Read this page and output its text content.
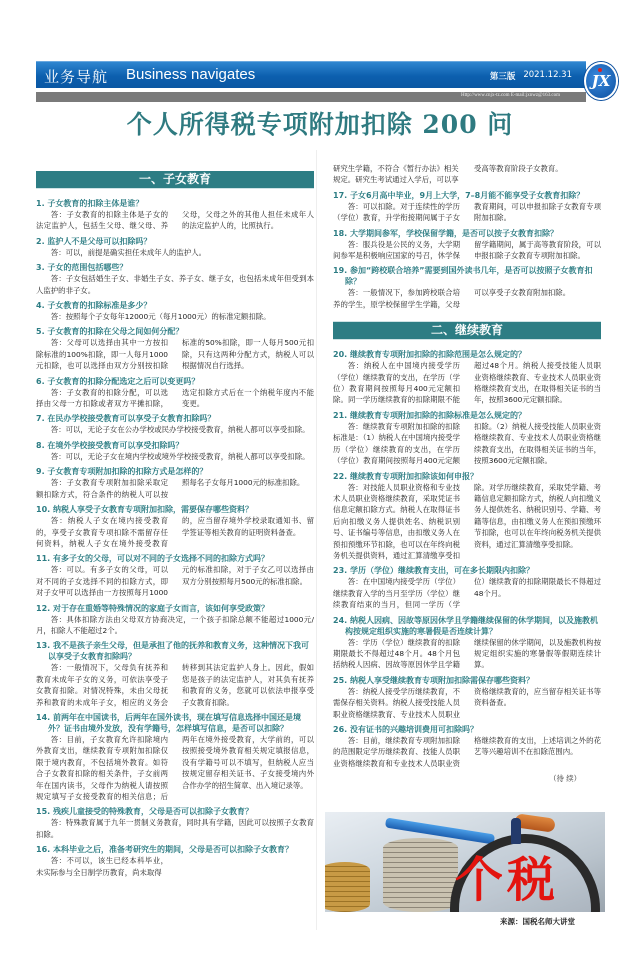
业务导航 Business navigates	第三版 2021.12.31
Http://www.cnjx-tz.com E-mail:jxnwz@163.com
JX
个人所得税专项附加扣除 200 问
一、子女教育
1. 子女教育的扣除主体是谁？
答：子女教育的扣除主体是子女的法定监护人，包括生父母、继父母、养父母，父母之外的其他人担任未成年人的法定监护人的，比照执行。
2. 监护人不是父母可以扣除吗？
答：可以，前提是确实担任未成年人的监护人。
3. 子女的范围包括哪些？
答：子女包括婚生子女、非婚生子女、养子女、继子女，也包括未成年但受到本人监护的非子女。
4. 子女教育的扣除标准是多少？
答：按照每个子女每年12000元（每月1000元）的标准定额扣除。
5. 子女教育的扣除在父母之间如何分配？
答：父母可以选择由其中一方按扣除标准的100%扣除，即一人每月1000元扣除，也可以选择由双方分别按扣除标准的50%扣除，即一人每月500元扣除，只有这两种分配方式，纳税人可以根据情况自行选择。
6. 子女教育的扣除分配选定之后可以变更吗？
答：子女教育的扣除分配，可以选择由父母一方扣除或者双方平摊扣除，选定扣除方式后在一个纳税年度内不能变更。
7. 在民办学校接受教育可以享受子女教育扣除吗？
答：可以，无论子女在公办学校或民办学校接受教育，纳税人都可以享受扣除。
8. 在境外学校接受教育可以享受扣除吗？
答：可以，无论子女在境内学校或境外学校接受教育，纳税人都可以享受扣除。
9. 子女教育专项附加扣除的扣除方式是怎样的？
答：子女教育专项附加扣除采取定额扣除方式，符合条件的纳税人可以按照每名子女每月1000元的标准扣除。
10. 纳税人享受子女教育专项附加扣除，需要保存哪些资料？
答：纳税人子女在境内接受教育的，享受子女教育专项扣除不需留存任何资料，纳税人子女在境外接受教育的，应当留存境外学校录取通知书、留学签证等相关教育的证明资料备查。
11. 有多子女的父母，可以对不同的子女选择不同的扣除方式吗？
答：可以。有多子女的父母，可以对不同的子女选择不同的扣除方式，即对子女甲可以选择由一方按照每月1000元的标准扣除，对于子女乙可以选择由双方分别按照每月500元的标准扣除。
12. 对于存在重婚等特殊情况的家庭子女而言，该如何享受政策？
答：具体扣除方法由父母双方协商决定，一个孩子扣除总额不能超过1000元/月，扣除人不能超过2个。
13. 我不是孩子亲生父母，但是承担了他的抚养和教育义务，这种情况下我可以享受子女教育扣除吗？
答：一般情况下，父母负有抚养和教育未成年子女的义务，可依法享受子女教育扣除。对情况特殊，未由父母抚养和教育的未成年子女，相应的义务会转移到其法定监护人身上。因此，假如您是孩子的法定监护人，对其负有抚养和教育的义务，您就可以依法申报享受子女教育扣除。
14. 前两年在中国读书，后两年在国外读书，现在填写信息选择中国还是境外？证书由境外发放，没有学籍号，怎样填写信息，是否可以扣除？
答：目前，子女教育允许扣除境内外教育支出，继续教育专项附加扣除仅限于境内教育，不包括境外教育。如符合子女教育扣除的相关条件，子女前两年在国内读书，父母作为纳税人请按照规定填写子女接受教育的相关信息；后两年在境外接受教育，大学前的，可以按照接受境外教育相关规定填报信息，没有学籍号可以不填写，但纳税人应当按规定留存相关证书、子女接受境内外合作办学的招生简章、出入境记录等。
15. 残疾儿童接受的特殊教育，父母是否可以扣除子女教育？
答：特殊教育属于九年一贯制义务教育，同时具有学籍，因此可以按照子女教育扣除。
16. 本科毕业之后，准备考研究生的期间，父母是否可以扣除子女教育？
答：不可以，该生已经本科毕业，未实际参与全日制学历教育，尚未取得
研究生学籍，不符合《暂行办法》相关规定。研究生考试通过入学后，可以享受高等教育阶段子女教育。
17. 子女6月高中毕业，9月上大学，7–8月能不能享受子女教育扣除？
答：可以扣除。对于连续性的学历（学位）教育，升学衔接期间属于子女教育期间，可以申报扣除子女教育专项附加扣除。
18. 大学期间参军，学校保留学籍，是否可以按子女教育扣除？
答：服兵役是公民的义务，大学期间参军是积极响应国家的号召，休学保留学籍期间，属于高等教育阶段，可以申报扣除子女教育专项附加扣除。
19. 参加“跨校联合培养”需要到国外读书几年，是否可以按照子女教育扣除？
答：一般情况下，参加跨校联合培养的学生，原学校保留学生学籍，父母可以享受子女教育附加扣除。
二、继续教育
20. 继续教育专项附加扣除的扣除范围是怎么规定的？
答：纳税人在中国境内接受学历（学位）继续教育的支出，在学历（学位）教育期间按照每月400元定额扣除。同一学历继续教育的扣除期限不能超过48个月。纳税人接受技能人员职业资格继续教育、专业技术人员职业资格继续教育支出，在取得相关证书的当年，按照3600元定额扣除。
21. 继续教育专项附加扣除的扣除标准是怎么规定的？
答：继续教育专项附加扣除的扣除标准是：（1）纳税人在中国境内接受学历（学位）继续教育的支出，在学历（学位）教育期间按照每月400元定额扣除。（2）纳税人接受技能人员职业资格继续教育、专业技术人员职业资格继续教育支出，在取得相关证书的当年，按照3600元定额扣除。
22. 继续教育专项附加扣除该如何申报？
答：对技能人员职业资格和专业技术人员职业资格继续教育，采取凭证书信息定额扣除方式。纳税人在取得证书后向扣缴义务人提供姓名、纳税识别号、证书编号等信息，由扣缴义务人在预扣预缴环节扣除，也可以在年终向税务机关提供资料，通过汇算清缴享受扣除。对学历继续教育，采取凭学籍、考籍信息定额扣除方式，纳税人向扣缴义务人提供姓名、纳税识别号、学籍、考籍等信息，由扣缴义务人在预扣预缴环节扣除，也可以在年终向税务机关提供资料，通过汇算清缴享受扣除。
23. 学历（学位）继续教育支出，可在多长期限内扣除？
答：在中国境内接受学历（学位）继续教育入学的当月至学历（学位）继续教育结束的当月，但同一学历（学位）继续教育的扣除期限最长不得超过48个月。
24. 纳税人因病、因故等原因休学且学籍继续保留的休学期间，以及施教机构按规定组织实施的寒暑假是否连续计算？
答：学历（学位）继续教育的扣除期限最长不得超过48个月。48个月包括纳税人因病、因故等原因休学且学籍继续保留的休学期间，以及施教机构按规定组织实施的寒暑假等假期连续计算。
25. 纳税人享受继续教育专项附加扣除需保存哪些资料？
答：纳税人接受学历继续教育，不需保存相关资料。纳税人接受技能人员职业资格继续教育、专业技术人员职业资格继续教育的，应当留存相关证书等资料备查。
26. 没有证书的兴趣培训费用可扣除吗？
答：目前，继续教育专项附加扣除的范围限定学历继续教育、技能人员职业资格继续教育和专业技术人员职业资格继续教育的支出，上述培训之外的花艺等兴趣培训不在扣除范围内。
（待 续）
个税
来源：国税名师大讲堂
